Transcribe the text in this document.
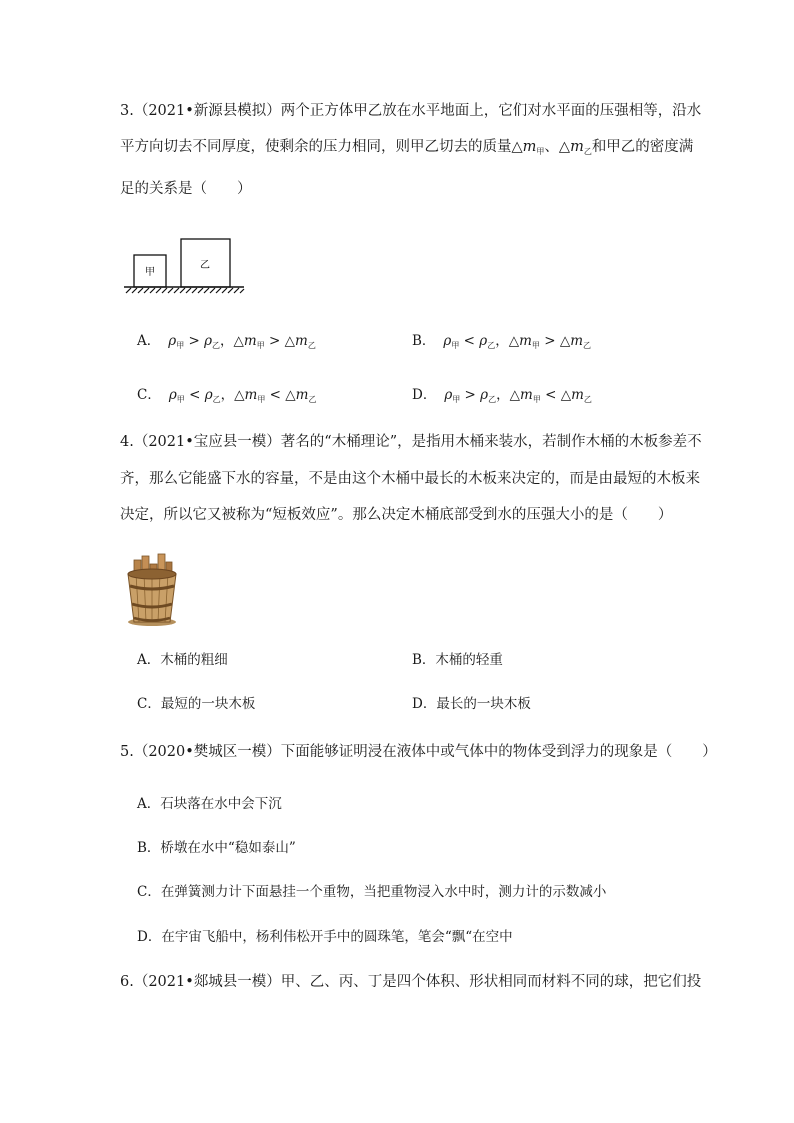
3.（2021•新源县模拟）两个正方体甲乙放在水平地面上，它们对水平面的压强相等，沿水
平方向切去不同厚度，使剩余的压力相同，则甲乙切去的质量$\triangle m_甲$、$\triangle m_乙$和甲乙的密度满
足的关系是（ ）
甲
乙
A． $\rho_甲 > \rho_乙$，$\triangle m_甲$ > $\triangle m_乙$	B． $\rho_甲 < \rho_乙$，$\triangle m_甲$ > $\triangle m_乙$
C． $\rho_甲 < \rho_乙$，$\triangle m_甲$ < $\triangle m_乙$	D． $\rho_甲 > \rho_乙$，$\triangle m_甲$ < $\triangle m_乙$
4.（2021•宝应县一模）著名的“木桶理论”，是指用木桶来装水，若制作木桶的木板参差不
齐，那么它能盛下水的容量，不是由这个木桶中最长的木板来决定的，而是由最短的木板来
决定，所以它又被称为“短板效应”。那么决定木桶底部受到水的压强大小的是（ ）
A．木桶的粗细	B．木桶的轻重
C．最短的一块木板	D．最长的一块木板
5.（2020•樊城区一模）下面能够证明浸在液体中或气体中的物体受到浮力的现象是（ ）
A．石块落在水中会下沉
B．桥墩在水中“稳如泰山”
C．在弹簧测力计下面悬挂一个重物，当把重物浸入水中时，测力计的示数减小
D．在宇宙飞船中，杨利伟松开手中的圆珠笔，笔会“飘“在空中
6.（2021•郯城县一模）甲、乙、丙、丁是四个体积、形状相同而材料不同的球，把它们投
